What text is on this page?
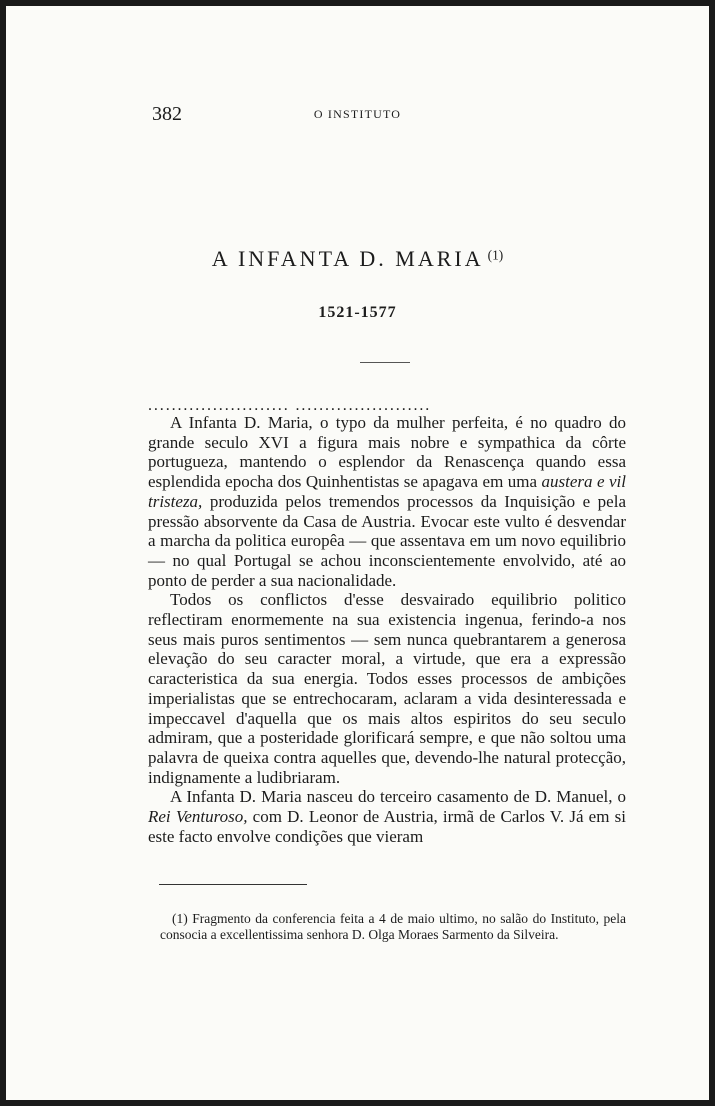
382	O INSTITUTO
A INFANTA D. MARIA $^{(1)}$
1521-1577
........................ .......................

A Infanta D. Maria, o typo da mulher perfeita, é no quadro do grande seculo XVI a figura mais nobre e sympathica da côrte portugueza, mantendo o esplendor da Renascença quando essa esplendida epocha dos Quinhentistas se apagava em uma austera e vil tristeza, produzida pelos tremendos processos da Inquisição e pela pressão absorvente da Casa de Austria. Evocar este vulto é desvendar a marcha da politica europêa — que assentava em um novo equilibrio — no qual Portugal se achou inconscientemente envolvido, até ao ponto de perder a sua nacionalidade.

Todos os conflictos d'esse desvairado equilibrio politico reflectiram enormemente na sua existencia ingenua, ferindo-a nos seus mais puros sentimentos — sem nunca quebrantarem a generosa elevação do seu caracter moral, a virtude, que era a expressão caracteristica da sua energia. Todos esses processos de ambições imperialistas que se entrechocaram, aclaram a vida desinteressada e impeccavel d'aquella que os mais altos espiritos do seu seculo admiram, que a posteridade glorificará sempre, e que não soltou uma palavra de queixa contra aquelles que, devendo-lhe natural protecção, indignamente a ludibriaram.

A Infanta D. Maria nasceu do terceiro casamento de D. Manuel, o Rei Venturoso, com D. Leonor de Austria, irmã de Carlos V. Já em si este facto envolve condições que vieram

(1) Fragmento da conferencia feita a 4 de maio ultimo, no salão do Instituto, pela consocia a excellentissima senhora D. Olga Moraes Sarmento da Silveira.
